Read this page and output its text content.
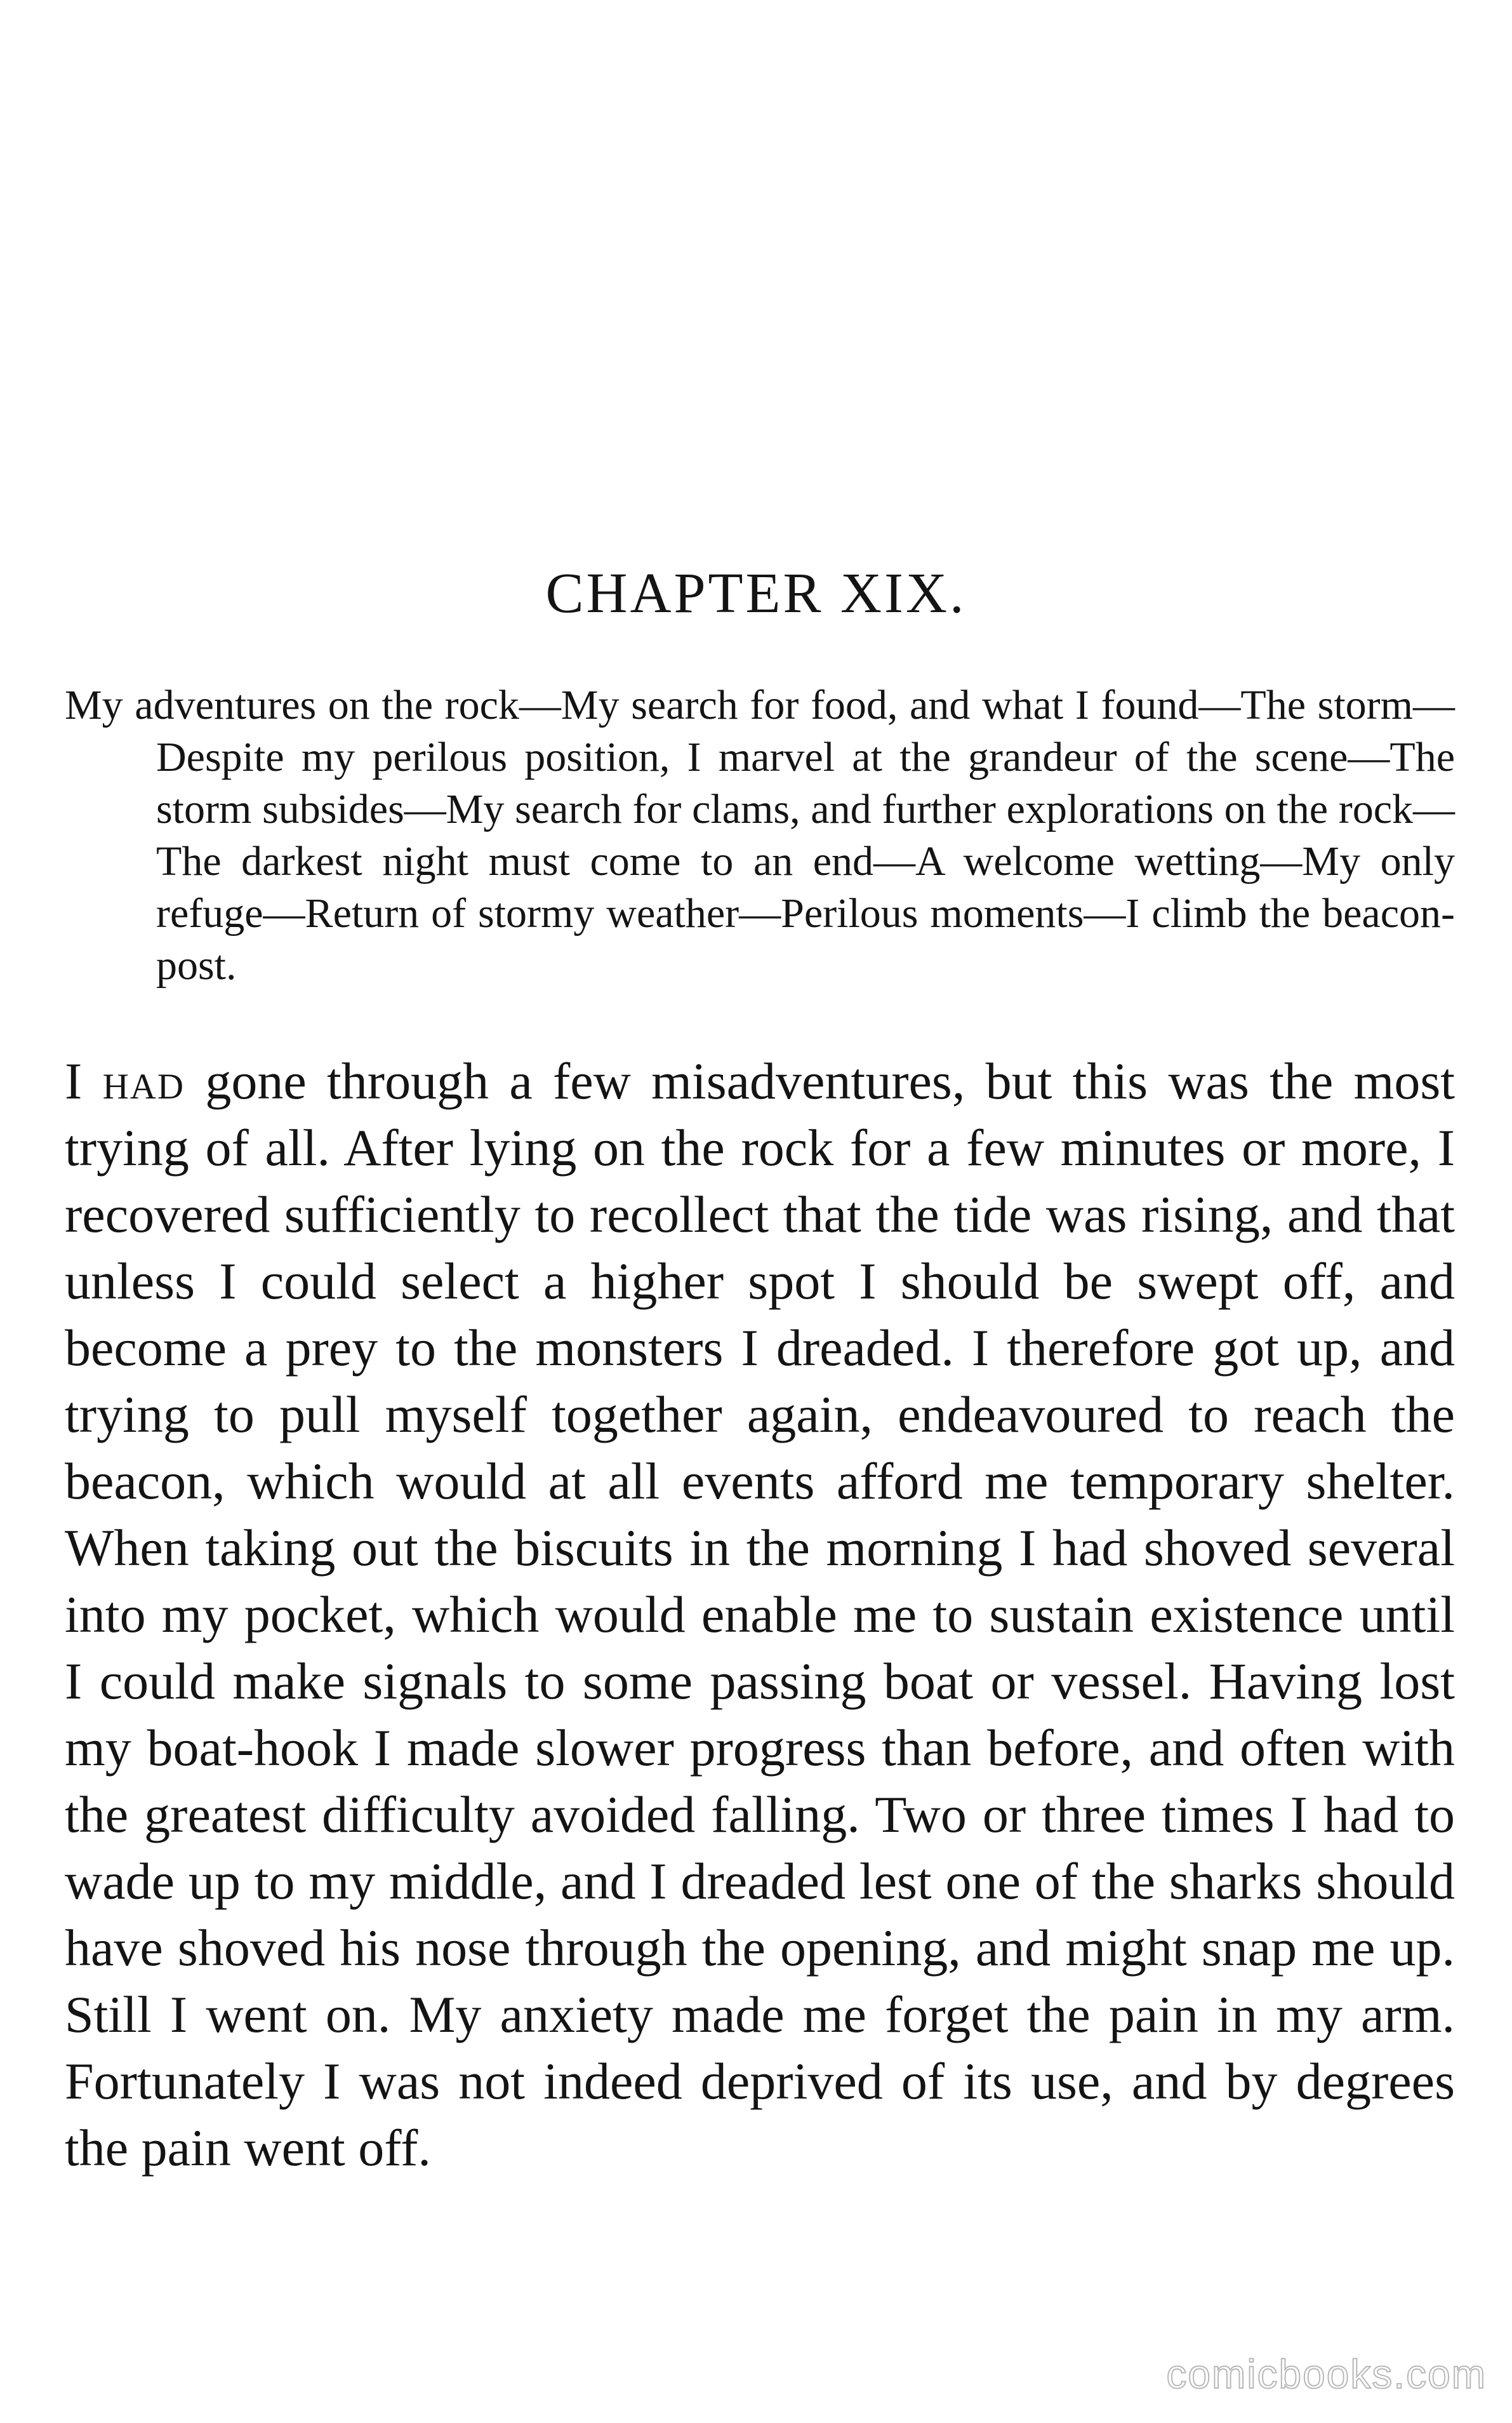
CHAPTER XIX.

My adventures on the rock—My search for food, and what I found—The storm—Despite my perilous position, I marvel at the grandeur of the scene—The storm subsides—My search for clams, and further explorations on the rock—The darkest night must come to an end—A welcome wetting—My only refuge—Return of stormy weather—Perilous moments—I climb the beacon-post.

I had gone through a few misadventures, but this was the most trying of all. After lying on the rock for a few minutes or more, I recovered sufficiently to recollect that the tide was rising, and that unless I could select a higher spot I should be swept off, and become a prey to the monsters I dreaded. I therefore got up, and trying to pull myself together again, endeavoured to reach the beacon, which would at all events afford me temporary shelter. When taking out the biscuits in the morning I had shoved several into my pocket, which would enable me to sustain existence until I could make signals to some passing boat or vessel. Having lost my boat-hook I made slower progress than before, and often with the greatest difficulty avoided falling. Two or three times I had to wade up to my middle, and I dreaded lest one of the sharks should have shoved his nose through the opening, and might snap me up. Still I went on. My anxiety made me forget the pain in my arm. Fortunately I was not indeed deprived of its use, and by degrees the pain went off.

comicbooks.com
